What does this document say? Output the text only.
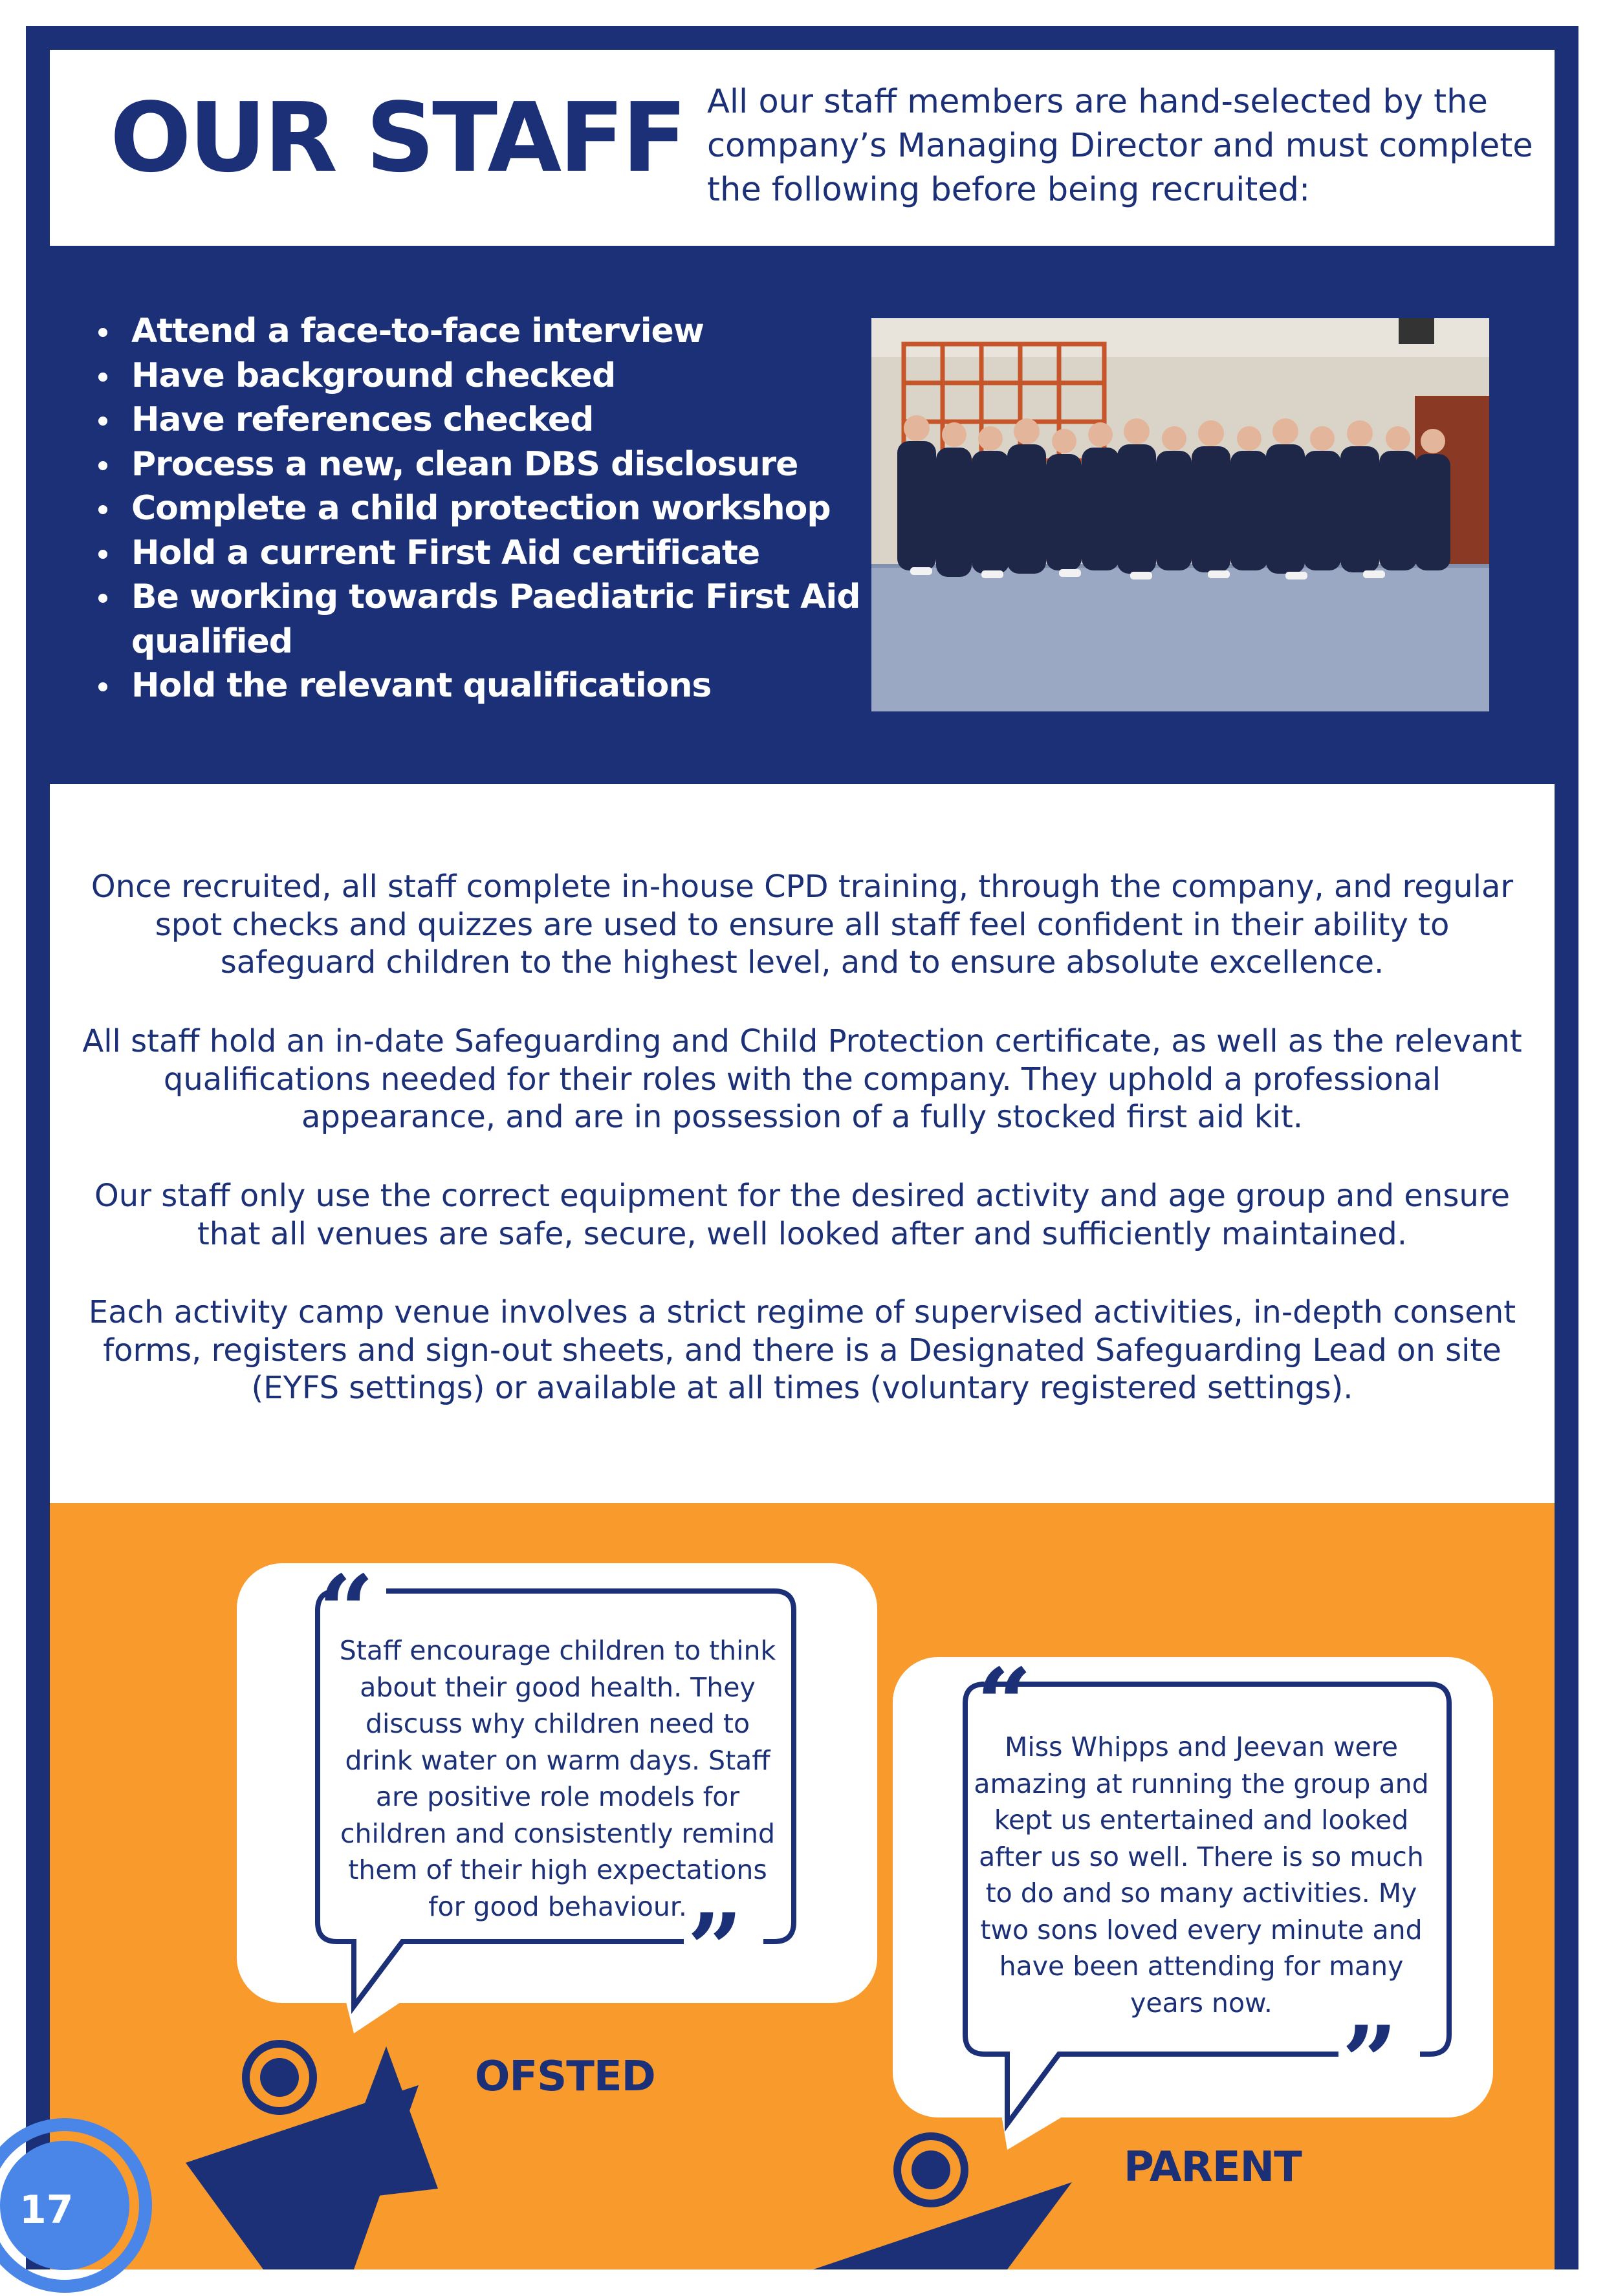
OUR STAFF All our staff members are hand-selected by the company’s Managing Director and must complete the following before being recruited:

Attend a face-to-face interview
Have background checked
Have references checked
Process a new, clean DBS disclosure
Complete a child protection workshop
Hold a current First Aid certificate
Be working towards Paediatric First Aid qualified
Hold the relevant qualifications

Once recruited, all staff complete in-house CPD training, through the company, and regular spot checks and quizzes are used to ensure all staff feel confident in their ability to safeguard children to the highest level, and to ensure absolute excellence.

All staff hold an in-date Safeguarding and Child Protection certificate, as well as the relevant qualifications needed for their roles with the company. They uphold a professional appearance, and are in possession of a fully stocked first aid kit.

Our staff only use the correct equipment for the desired activity and age group and ensure that all venues are safe, secure, well looked after and sufficiently maintained.

Each activity camp venue involves a strict regime of supervised activities, in-depth consent forms, registers and sign-out sheets, and there is a Designated Safeguarding Lead on site (EYFS settings) or available at all times (voluntary registered settings).

“
”
“
”

Staff encourage children to think about their good health. They discuss why children need to drink water on warm days. Staff are positive role models for children and consistently remind them of their high expectations for good behaviour.

Miss Whipps and Jeevan were amazing at running the group and kept us entertained and looked after us so well. There is so much to do and so many activities. My two sons loved every minute and have been attending for many years now.

OFSTED

PARENT

17
